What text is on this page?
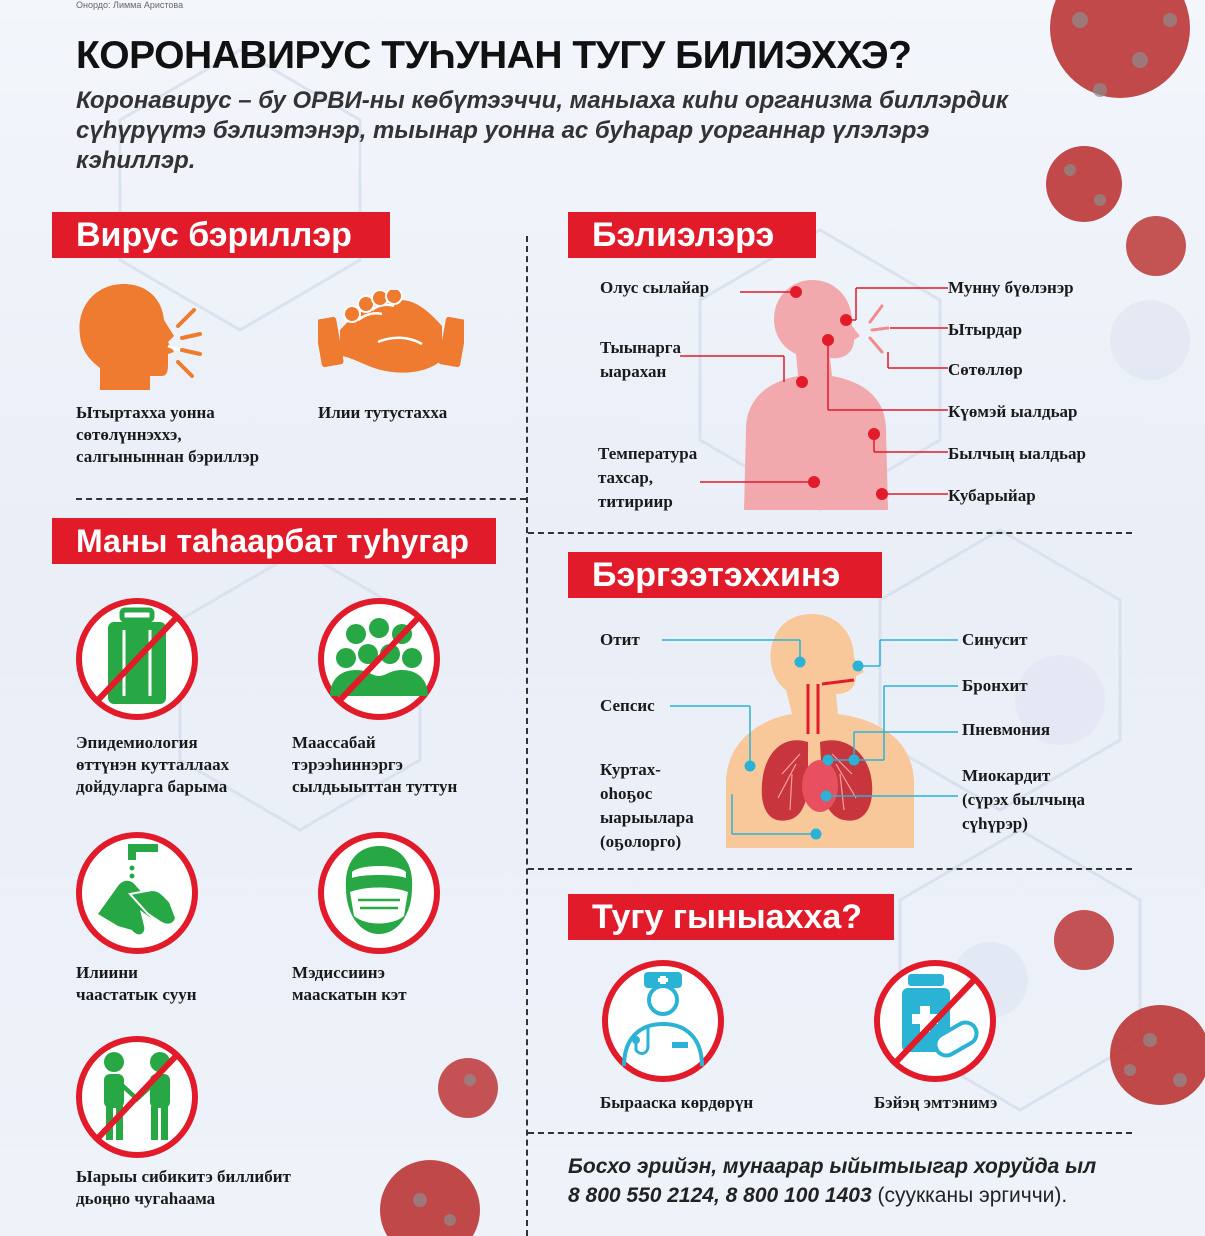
Онордо: Лимма Аристова
КОРОНАВИРУС ТУҺУНАН ТУГУ БИЛИЭХХЭ?
Коронавирус – бу ОРВИ-ны көбүтээччи, маныаха киһи организма биллэрдик сүһүрүүтэ бэлиэтэнэр, тыынар уонна ас буһарар уорганнар үлэлэрэ кэһиллэр.
Вирус бэриллэр	Бэлиэлэрэ
Маны таһаарбат туһугар
Бэргээтэххинэ
Тугу гыныахха?
Ытыртахха уонна
сөтөлүннэххэ,
салгыныннан бэриллэр
Илии тутустахха
Олус сылайар
Тыынарга
ыарахан
Температура
тахсар,
титириир
Мунну бүөлэнэр
Ытырдар
Сөтөллөр
Күөмэй ыалдьар
Былчың ыалдьар
Кубарыйар
Эпидемиология
өттүнэн кутталлаах
дойдуларга барыма
Маассабай
тэрээһиннэргэ
сылдьыыттан туттун
Илиини
чаастатык суун
Мэдиссиинэ
мааскатын кэт
Ыарыы сибикитэ биллибит
дьоңно чугаһаама
Отит
Сепсис
Куртах-
oһоҕос
ыарыылара
(оҕолорго)
Синусит
Бронхит
Пневмония
Миокардит
(сүрэх былчыңа
сүһүрэр)
Бырааска көрдөрүн	Бэйэң эмтэнимэ
Босхо эрийэн, мунаарар ыйытыыгар хоруйда ыл
8 800 550 2124, 8 800 100 1403 (суукканы эргиччи).
